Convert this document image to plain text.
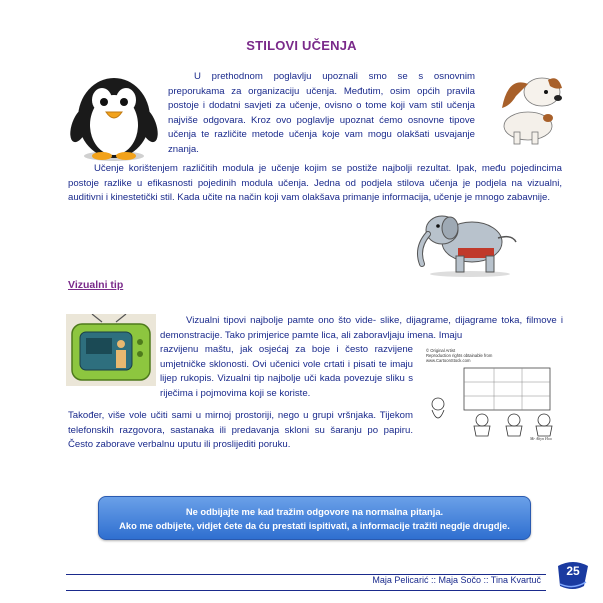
STILOVI UČENJA

U prethodnom poglavlju upoznali smo se s osnovnim preporukama za organizaciju učenja. Međutim, osim općih pravila postoje i dodatni savjeti za učenje, ovisno o tome koji vam stil učenja najviše odgovara. Kroz ovo poglavlje upoznat ćemo osnovne tipove učenja te različite metode učenja koje vam mogu olakšati usvajanje znanja.

Učenje korištenjem različitih modula je učenje kojim se postiže najbolji rezultat. Ipak, među pojedincima postoje razlike u efikasnosti pojedinih modula učenja. Jedna od podjela stilova učenja je podjela na vizualni, auditivni i kinestetički stil. Kada učite na način koji vam olakšava primanje informacija, učenje je mnogo zabavnije.

Vizualni tip
© Original Artist
Reproduction rights obtainable from
www.CartoonStock.com
Mr Ahyn Hoo

Vizualni tipovi najbolje pamte ono što vide- slike, dijagrame, dijagrame toka, filmove i demonstracije. Tako primjerice pamte lica, ali zaboravljaju imena. Imaju

razvijenu maštu, jak osjećaj za boje i često razvijene umjetničke sklonosti. Ovi učenici vole crtati i pisati te imaju lijep rukopis. Vizualni tip najbolje uči kada povezuje sliku s riječima i pojmovima koji se koriste.

Također, više vole učiti sami u mirnoj prostoriji, nego u grupi vršnjaka. Tijekom telefonskih razgovora, sastanaka ili predavanja skloni su šaranju po papiru. Često zaborave verbalnu uputu ili proslijediti poruku.

Ne odbijajte me kad tražim odgovore na normalna pitanja.
Ako me odbijete, vidjet ćete da ću prestati ispitivati, a informacije tražiti negdje drugdje.
Maja Pelicarić :: Maja Sočo :: Tina Kvartuč
25
